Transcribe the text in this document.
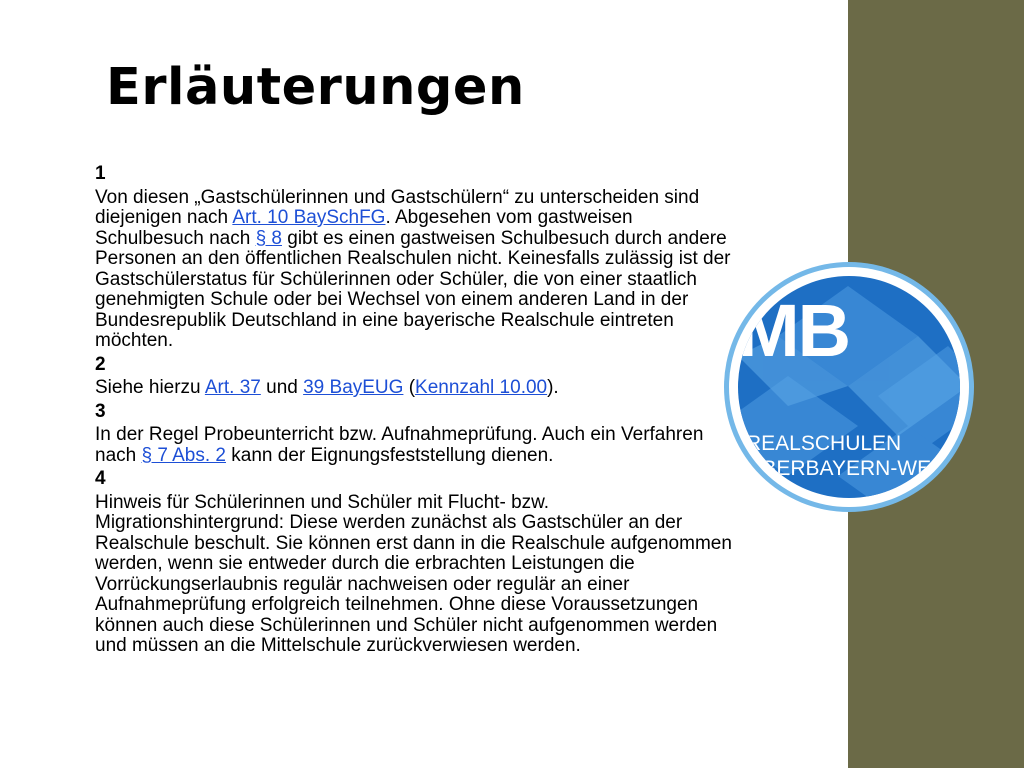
Erläuterungen
1
Von diesen „Gastschülerinnen und Gastschülern“ zu unterscheiden sind diejenigen nach Art. 10 BaySchFG. Abgesehen vom gastweisen Schulbesuch nach § 8 gibt es einen gastweisen Schulbesuch durch andere Personen an den öffentlichen Realschulen nicht. Keinesfalls zulässig ist der Gastschülerstatus für Schülerinnen oder Schüler, die von einer staatlich genehmigten Schule oder bei Wechsel von einem anderen Land in der Bundesrepublik Deutschland in eine bayerische Realschule eintreten möchten.
2
Siehe hierzu Art. 37 und 39 BayEUG (Kennzahl 10.00).
3
In der Regel Probeunterricht bzw. Aufnahmeprüfung. Auch ein Verfahren nach § 7 Abs. 2 kann der Eignungsfeststellung dienen.
4
Hinweis für Schülerinnen und Schüler mit Flucht- bzw. Migrationshintergrund: Diese werden zunächst als Gastschüler an der Realschule beschult. Sie können erst dann in die Realschule aufgenommen werden, wenn sie entweder durch die erbrachten Leistungen die Vorrückungserlaubnis regulär nachweisen oder regulär an einer Aufnahmeprüfung erfolgreich teilnehmen. Ohne diese Voraussetzungen können auch diese Schülerinnen und Schüler nicht aufgenommen werden und müssen an die Mittelschule zurückverwiesen werden.
MB
REALSCHULEN
OBERBAYERN-WEST
